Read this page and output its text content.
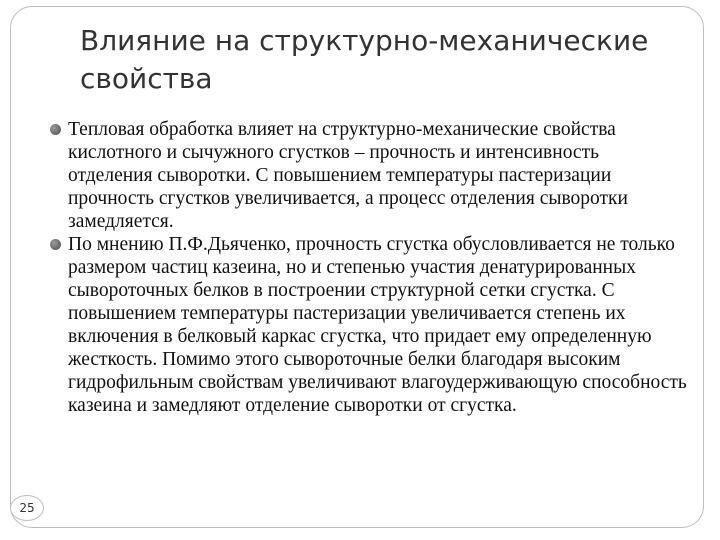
Влияние на структурно-механические свойства
Тепловая обработка влияет на структурно-механические свойства кислотного и сычужного сгустков – прочность и интенсивность отделения сыворотки. С повышением температуры пастеризации прочность сгустков увеличивается, а процесс отделения сыворотки замедляется.
По мнению П.Ф.Дьяченко, прочность сгустка обусловливается не только размером частиц казеина, но и степенью участия денатурированных сывороточных белков в построении структурной сетки сгустка. С повышением температуры пастеризации увеличивается степень их включения в белковый каркас сгустка, что придает ему определенную жесткость. Помимо этого сывороточные белки благодаря высоким гидрофильным свойствам увеличивают влагоудерживающую способность казеина и замедляют отделение сыворотки от сгустка.
25
